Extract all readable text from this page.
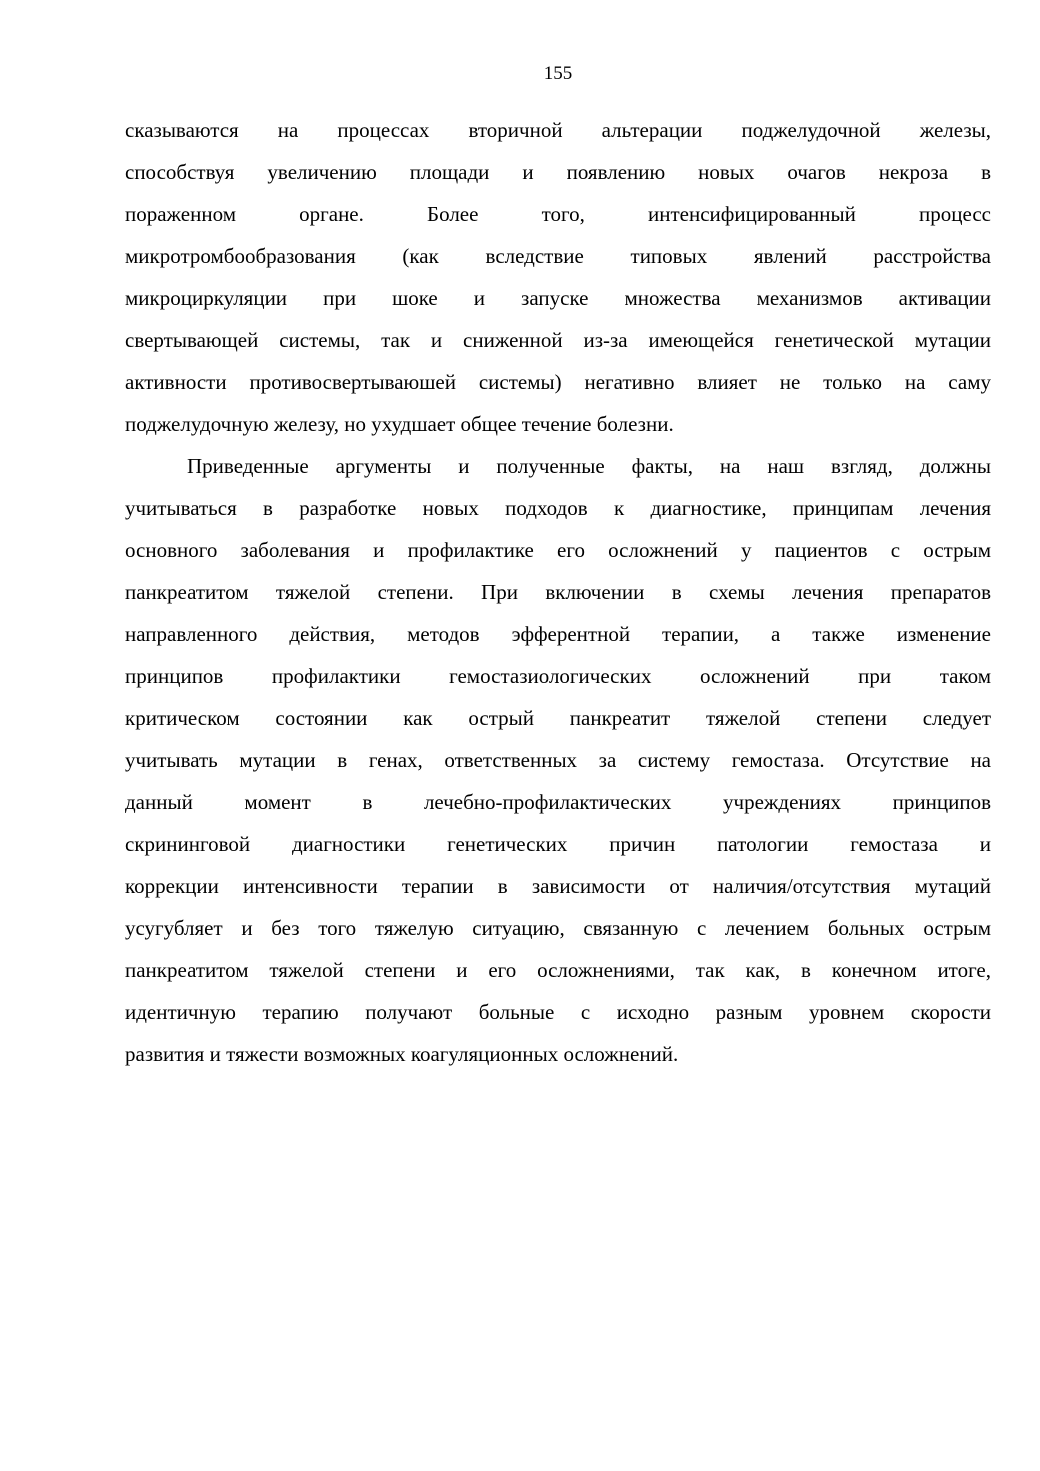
155
сказываются на процессах вторичной альтерации поджелудочной железы,
способствуя увеличению площади и появлению новых очагов некроза в
пораженном органе. Более того, интенсифицированный процесс
микротромбообразования (как вследствие типовых явлений расстройства
микроциркуляции при шоке и запуске множества механизмов активации
свертывающей системы, так и сниженной из-за имеющейся генетической мутации
активности противосвертываюшей системы) негативно влияет не только на саму
поджелудочную железу, но ухудшает общее течение болезни.
Приведенные аргументы и полученные факты, на наш взгляд, должны
учитываться в разработке новых подходов к диагностике, принципам лечения
основного заболевания и профилактике его осложнений у пациентов с острым
панкреатитом тяжелой степени. При включении в схемы лечения препаратов
направленного действия, методов эфферентной терапии, а также изменение
принципов профилактики гемостазиологических осложнений при таком
критическом состоянии как острый панкреатит тяжелой степени следует
учитывать мутации в генах, ответственных за систему гемостаза. Отсутствие на
данный момент в лечебно-профилактических учреждениях принципов
скрининговой диагностики генетических причин патологии гемостаза и
коррекции интенсивности терапии в зависимости от наличия/отсутствия мутаций
усугубляет и без того тяжелую ситуацию, связанную с лечением больных острым
панкреатитом тяжелой степени и его осложнениями, так как, в конечном итоге,
идентичную терапию получают больные с исходно разным уровнем скорости
развития и тяжести возможных коагуляционных осложнений.
